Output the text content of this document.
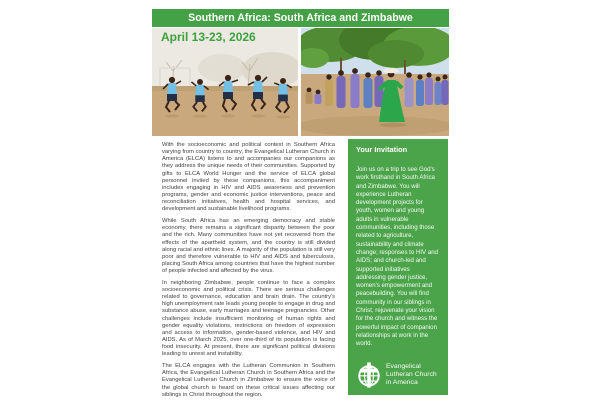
Southern Africa: South Africa and Zimbabwe
April 13-23, 2026

With the socioeconomic and political context in Southern Africa varying from country to country, the Evangelical Lutheran Church in America (ELCA) listens to and accompanies our companions as they address the unique needs of their communities. Supported by gifts to ELCA World Hunger and the service of ELCA global personnel invited by these companions, this accompaniment includes engaging in HIV and AIDS awareness and prevention programs, gender and economic justice interventions, peace and reconciliation initiatives, health and hospital services, and development and sustainable livelihood programs.

While South Africa has an emerging democracy and stable economy, there remains a significant disparity between the poor and the rich. Many communities have not yet recovered from the effects of the apartheid system, and the country is still divided along racial and ethnic lines. A majority of the population is still very poor and therefore vulnerable to HIV and AIDS and tuberculosis, placing South Africa among countries that have the highest number of people infected and affected by the virus.

In neighboring Zimbabwe, people continue to face a complex socioeconomic and political crisis. There are serious challenges related to governance, education and brain drain. The country's high unemployment rate leads young people to engage in drug and substance abuse, early marriages and teenage pregnancies. Other challenges include insufficient monitoring of human rights and gender equality violations, restrictions on freedom of expression and access to information, gender-based violence, and HIV and AIDS. As of March 2025, over one-third of its population is facing food insecurity. At present, there are significant political divisions leading to unrest and instability.

The ELCA engages with the Lutheran Communion in Southern Africa, the Evangelical Lutheran Church in Southern Africa and the Evangelical Lutheran Church in Zimbabwe to ensure the voice of the global church is heard on these critical issues affecting our siblings in Christ throughout the region.

Your Invitation

Join us on a trip to see God's work firsthand in South Africa and Zimbabwe. You will experience Lutheran development projects for youth, women and young adults in vulnerable communities, including those related to agriculture, sustainability and climate change; responses to HIV and AIDS; and church-led and supported initiatives addressing gender justice, women's empowerment and peacebuilding. You will find community in our siblings in Christ, rejuvenate your vision for the church and witness the powerful impact of companion relationships at work in the world.

Evangelical
Lutheran Church
in America
